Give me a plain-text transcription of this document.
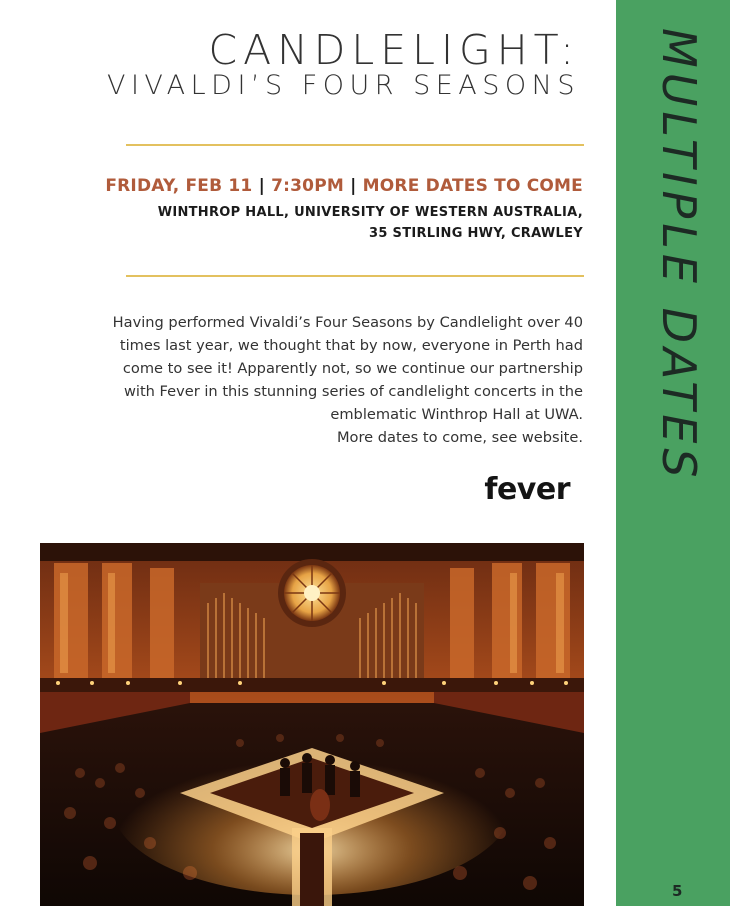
MULTIPLE DATES
5
CANDLELIGHT:
VIVALDI’S FOUR SEASONS
FRIDAY, FEB 11 | 7:30PM | MORE DATES TO COME
WINTHROP HALL, UNIVERSITY OF WESTERN AUSTRALIA,
35 STIRLING HWY, CRAWLEY
Having performed Vivaldi’s Four Seasons by Candlelight over 40
times last year, we thought that by now, everyone in Perth had
come to see it! Apparently not, so we continue our partnership
with Fever in this stunning series of candlelight concerts in the
emblematic Winthrop Hall at UWA.
More dates to come, see website.
fever
